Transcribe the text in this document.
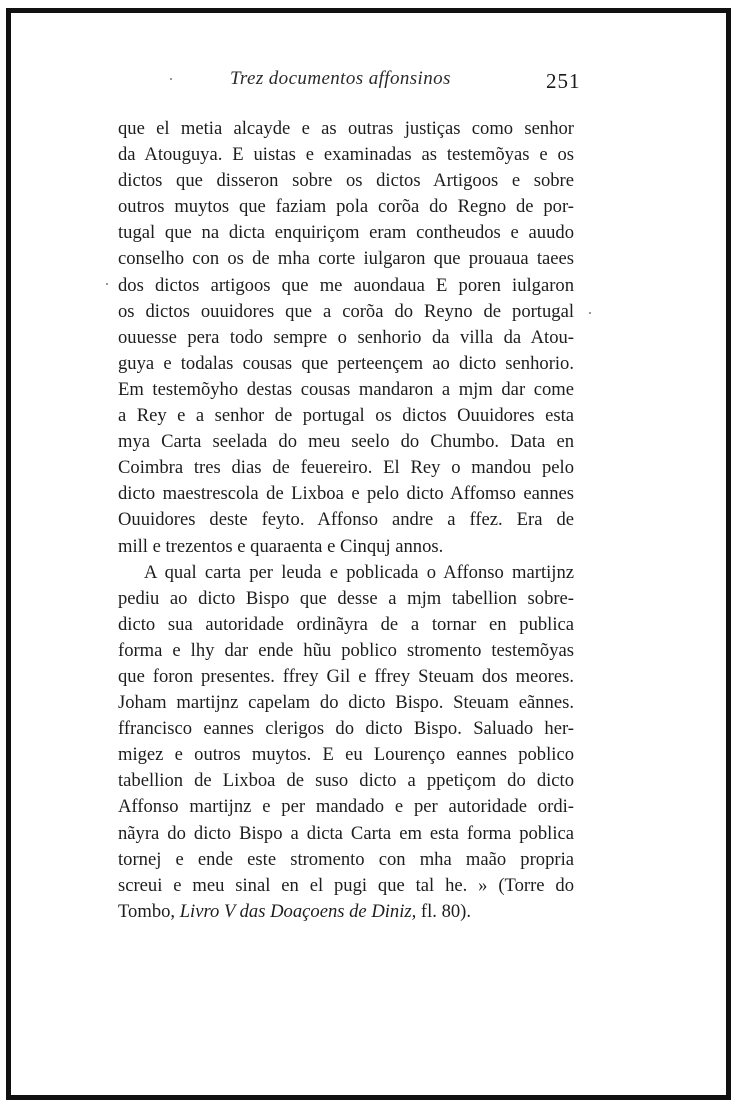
Trez documentos affonsinos	251
que el metia alcayde e as outras justiças como senhor
da Atouguya. E uistas e examinadas as testemõyas e os
dictos que disseron sobre os dictos Artigoos e sobre
outros muytos que faziam pola corõa do Regno de por-
tugal que na dicta enquiriçom eram contheudos e auudo
conselho con os de mha corte iulgaron que prouaua taees
dos dictos artigoos que me auondaua E poren iulgaron
os dictos ouuidores que a corõa do Reyno de portugal
ouuesse pera todo sempre o senhorio da villa da Atou-
guya e todalas cousas que perteençem ao dicto senhorio.
Em testemõyho destas cousas mandaron a mjm dar come
a Rey e a senhor de portugal os dictos Ouuidores esta
mya Carta seelada do meu seelo do Chumbo. Data en
Coimbra tres dias de feuereiro. El Rey o mandou pelo
dicto maestrescola de Lixboa e pelo dicto Affomso eannes
Ouuidores deste feyto. Affonso andre a ffez. Era de
mill e trezentos e quaraenta e Cinquj annos.
A qual carta per leuda e poblicada o Affonso martijnz
pediu ao dicto Bispo que desse a mjm tabellion sobre-
dicto sua autoridade ordinãyra de a tornar en publica
forma e lhy dar ende hũu poblico stromento testemõyas
que foron presentes. ffrey Gil e ffrey Steuam dos meores.
Joham martijnz capelam do dicto Bispo. Steuam eãnnes.
ffrancisco eannes clerigos do dicto Bispo. Saluado her-
migez e outros muytos. E eu Lourenço eannes poblico
tabellion de Lixboa de suso dicto a ppetiçom do dicto
Affonso martijnz e per mandado e per autoridade ordi-
nãyra do dicto Bispo a dicta Carta em esta forma poblica
tornej e ende este stromento con mha maão propria
screui e meu sinal en el pugi que tal he. » (Torre do
Tombo, Livro V das Doaçoens de Diniz, fl. 80).
